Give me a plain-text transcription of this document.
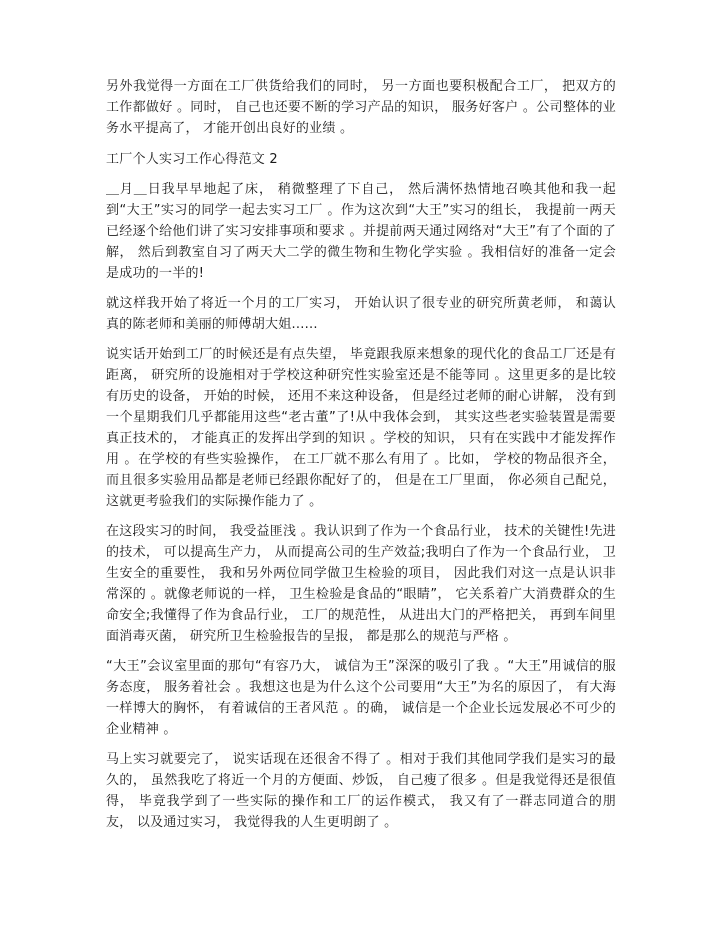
另外我觉得一方面在工厂供货给我们的同时， 另一方面也要积极配合工厂， 把双方的工作都做好 。同时， 自己也还要不断的学习产品的知识， 服务好客户 。公司整体的业务水平提高了， 才能开创出良好的业绩 。

工厂个人实习工作心得范文 2

＿月＿日我早早地起了床， 稍微整理了下自己， 然后满怀热情地召唤其他和我一起到“大王”实习的同学一起去实习工厂 。作为这次到“大王”实习的组长， 我提前一两天已经逐个给他们讲了实习安排事项和要求 。并提前两天通过网络对“大王”有了个面的了解， 然后到教室自习了两天大二学的微生物和生物化学实验 。我相信好的准备一定会是成功的一半的!

就这样我开始了将近一个月的工厂实习， 开始认识了很专业的研究所黄老师， 和蔼认真的陈老师和美丽的师傅胡大姐......

说实话开始到工厂的时候还是有点失望， 毕竟跟我原来想象的现代化的食品工厂还是有距离， 研究所的设施相对于学校这种研究性实验室还是不能等同 。这里更多的是比较有历史的设备， 开始的时候， 还用不来这种设备， 但是经过老师的耐心讲解， 没有到一个星期我们几乎都能用这些“老古董”了!从中我体会到， 其实这些老实验装置是需要真正技术的， 才能真正的发挥出学到的知识 。学校的知识， 只有在实践中才能发挥作用 。在学校的有些实验操作， 在工厂就不那么有用了 。比如， 学校的物品很齐全， 而且很多实验用品都是老师已经跟你配好了的， 但是在工厂里面， 你必须自己配兑， 这就更考验我们的实际操作能力了 。

在这段实习的时间， 我受益匪浅 。我认识到了作为一个食品行业， 技术的关键性!先进的技术， 可以提高生产力， 从而提高公司的生产效益;我明白了作为一个食品行业， 卫生安全的重要性， 我和另外两位同学做卫生检验的项目， 因此我们对这一点是认识非常深的 。就像老师说的一样， 卫生检验是食品的“眼睛”， 它关系着广大消费群众的生命安全;我懂得了作为食品行业， 工厂的规范性， 从进出大门的严格把关， 再到车间里面消毒灭菌， 研究所卫生检验报告的呈报， 都是那么的规范与严格 。

“大王”会议室里面的那句“有容乃大， 诚信为王”深深的吸引了我 。“大王”用诚信的服务态度， 服务着社会 。我想这也是为什么这个公司要用“大王”为名的原因了， 有大海一样博大的胸怀， 有着诚信的王者风范 。的确， 诚信是一个企业长远发展必不可少的企业精神 。

马上实习就要完了， 说实话现在还很舍不得了 。相对于我们其他同学我们是实习的最久的， 虽然我吃了将近一个月的方便面、炒饭， 自己瘦了很多 。但是我觉得还是很值得， 毕竟我学到了一些实际的操作和工厂的运作模式， 我又有了一群志同道合的朋友， 以及通过实习， 我觉得我的人生更明朗了 。
